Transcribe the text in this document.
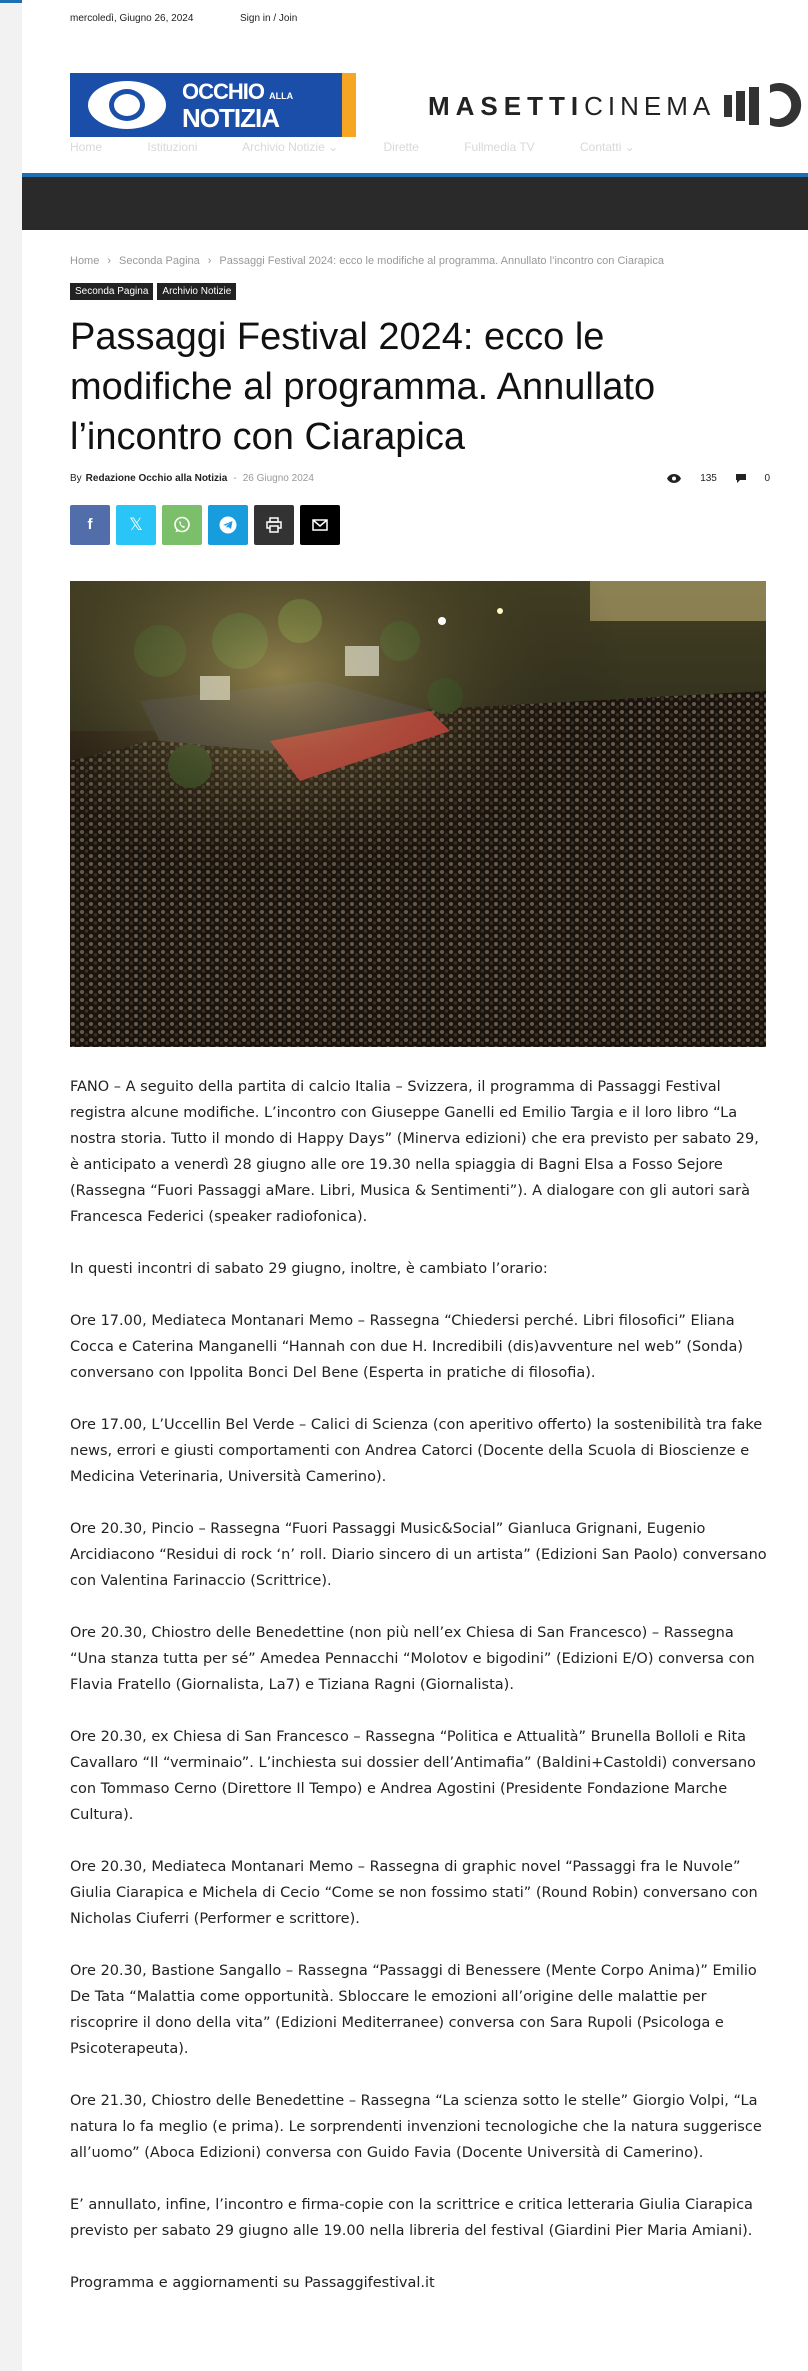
mercoledì, Giugno 26, 2024	Sign in / Join
OCCHIO ALLA
NOTIZIA	MASETTICINEMA
Home	Istituzioni	Archivio Notizie ⌄	Dirette	Fullmedia TV	Contatti ⌄
Home › Seconda Pagina › Passaggi Festival 2024: ecco le modifiche al programma. Annullato l’incontro con Ciarapica
Seconda Pagina Archivio Notizie
Passaggi Festival 2024: ecco le modifiche al programma. Annullato l’incontro con Ciarapica
By Redazione Occhio alla Notizia - 26 Giugno 2024	135	0
f 𝕏

FANO – A seguito della partita di calcio Italia – Svizzera, il programma di Passaggi Festival registra alcune modifiche. L’incontro con Giuseppe Ganelli ed Emilio Targia e il loro libro “La nostra storia. Tutto il mondo di Happy Days” (Minerva edizioni) che era previsto per sabato 29, è anticipato a venerdì 28 giugno alle ore 19.30 nella spiaggia di Bagni Elsa a Fosso Sejore (Rassegna “Fuori Passaggi aMare. Libri, Musica & Sentimenti”). A dialogare con gli autori sarà Francesca Federici (speaker radiofonica).

In questi incontri di sabato 29 giugno, inoltre, è cambiato l’orario:

Ore 17.00, Mediateca Montanari Memo – Rassegna “Chiedersi perché. Libri filosofici” Eliana Cocca e Caterina Manganelli “Hannah con due H. Incredibili (dis)avventure nel web” (Sonda) conversano con Ippolita Bonci Del Bene (Esperta in pratiche di filosofia).

Ore 17.00, L’Uccellin Bel Verde – Calici di Scienza (con aperitivo offerto) la sostenibilità tra fake news, errori e giusti comportamenti con Andrea Catorci (Docente della Scuola di Bioscienze e Medicina Veterinaria, Università Camerino).

Ore 20.30, Pincio – Rassegna “Fuori Passaggi Music&Social” Gianluca Grignani, Eugenio Arcidiacono “Residui di rock ‘n’ roll. Diario sincero di un artista” (Edizioni San Paolo) conversano con Valentina Farinaccio (Scrittrice).

Ore 20.30, Chiostro delle Benedettine (non più nell’ex Chiesa di San Francesco) – Rassegna “Una stanza tutta per sé” Amedea Pennacchi “Molotov e bigodini” (Edizioni E/O) conversa con Flavia Fratello (Giornalista, La7) e Tiziana Ragni (Giornalista).

Ore 20.30, ex Chiesa di San Francesco – Rassegna “Politica e Attualità” Brunella Bolloli e Rita Cavallaro “Il “verminaio”. L’inchiesta sui dossier dell’Antimafia” (Baldini+Castoldi) conversano con Tommaso Cerno (Direttore Il Tempo) e Andrea Agostini (Presidente Fondazione Marche Cultura).

Ore 20.30, Mediateca Montanari Memo – Rassegna di graphic novel “Passaggi fra le Nuvole” Giulia Ciarapica e Michela di Cecio “Come se non fossimo stati” (Round Robin) conversano con Nicholas Ciuferri (Performer e scrittore).

Ore 20.30, Bastione Sangallo – Rassegna “Passaggi di Benessere (Mente Corpo Anima)” Emilio De Tata “Malattia come opportunità. Sbloccare le emozioni all’origine delle malattie per riscoprire il dono della vita” (Edizioni Mediterranee) conversa con Sara Rupoli (Psicologa e Psicoterapeuta).

Ore 21.30, Chiostro delle Benedettine – Rassegna “La scienza sotto le stelle” Giorgio Volpi, “La natura lo fa meglio (e prima). Le sorprendenti invenzioni tecnologiche che la natura suggerisce all’uomo” (Aboca Edizioni) conversa con Guido Favia (Docente Università di Camerino).

E’ annullato, infine, l’incontro e firma-copie con la scrittrice e critica letteraria Giulia Ciarapica previsto per sabato 29 giugno alle 19.00 nella libreria del festival (Giardini Pier Maria Amiani).

Programma e aggiornamenti su Passaggifestival.it
